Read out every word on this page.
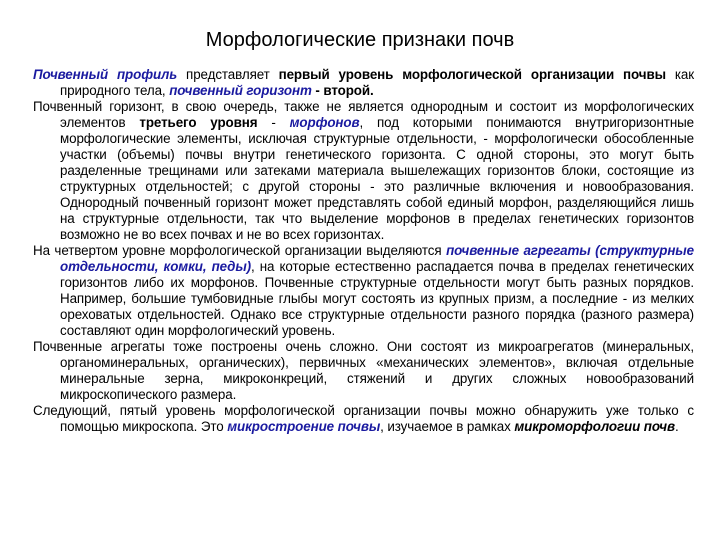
Морфологические признаки почв

Почвенный профиль представляет первый уровень морфологической организации почвы как природного тела, почвенный горизонт - второй.

Почвенный горизонт, в свою очередь, также не является однородным и состоит из морфологических элементов третьего уровня - морфонов, под которыми понимаются внутригоризонтные морфологические элементы, исключая структурные отдельности, - морфологически обособленные участки (объемы) почвы внутри генетического горизонта. С одной стороны, это могут быть разделенные трещинами или затеками материала вышележащих горизонтов блоки, состоящие из структурных отдельностей; с другой стороны - это различные включения и новообразования. Однородный почвенный горизонт может представлять собой единый морфон, разделяющийся лишь на структурные отдельности, так что выделение морфонов в пределах генетических горизонтов возможно не во всех почвах и не во всех горизонтах.

На четвертом уровне морфологической организации выделяются почвенные агрегаты (структурные отдельности, комки, педы), на которые естественно распадается почва в пределах генетических горизонтов либо их морфонов. Почвенные структурные отдельности могут быть разных порядков. Например, большие тумбовидные глыбы могут состоять из крупных призм, а последние - из мелких ореховатых отдельностей. Однако все структурные отдельности разного порядка (разного размера) составляют один морфологический уровень.

Почвенные агрегаты тоже построены очень сложно. Они состоят из микроагрегатов (минеральных, органоминеральных, органических), первичных «механических элементов», включая отдельные минеральные зерна, микроконкреций, стяжений и других сложных новообразований микроскопического размера.

Следующий, пятый уровень морфологической организации почвы можно обнаружить уже только с помощью микроскопа. Это микростроение почвы, изучаемое в рамках микроморфологии почв.
